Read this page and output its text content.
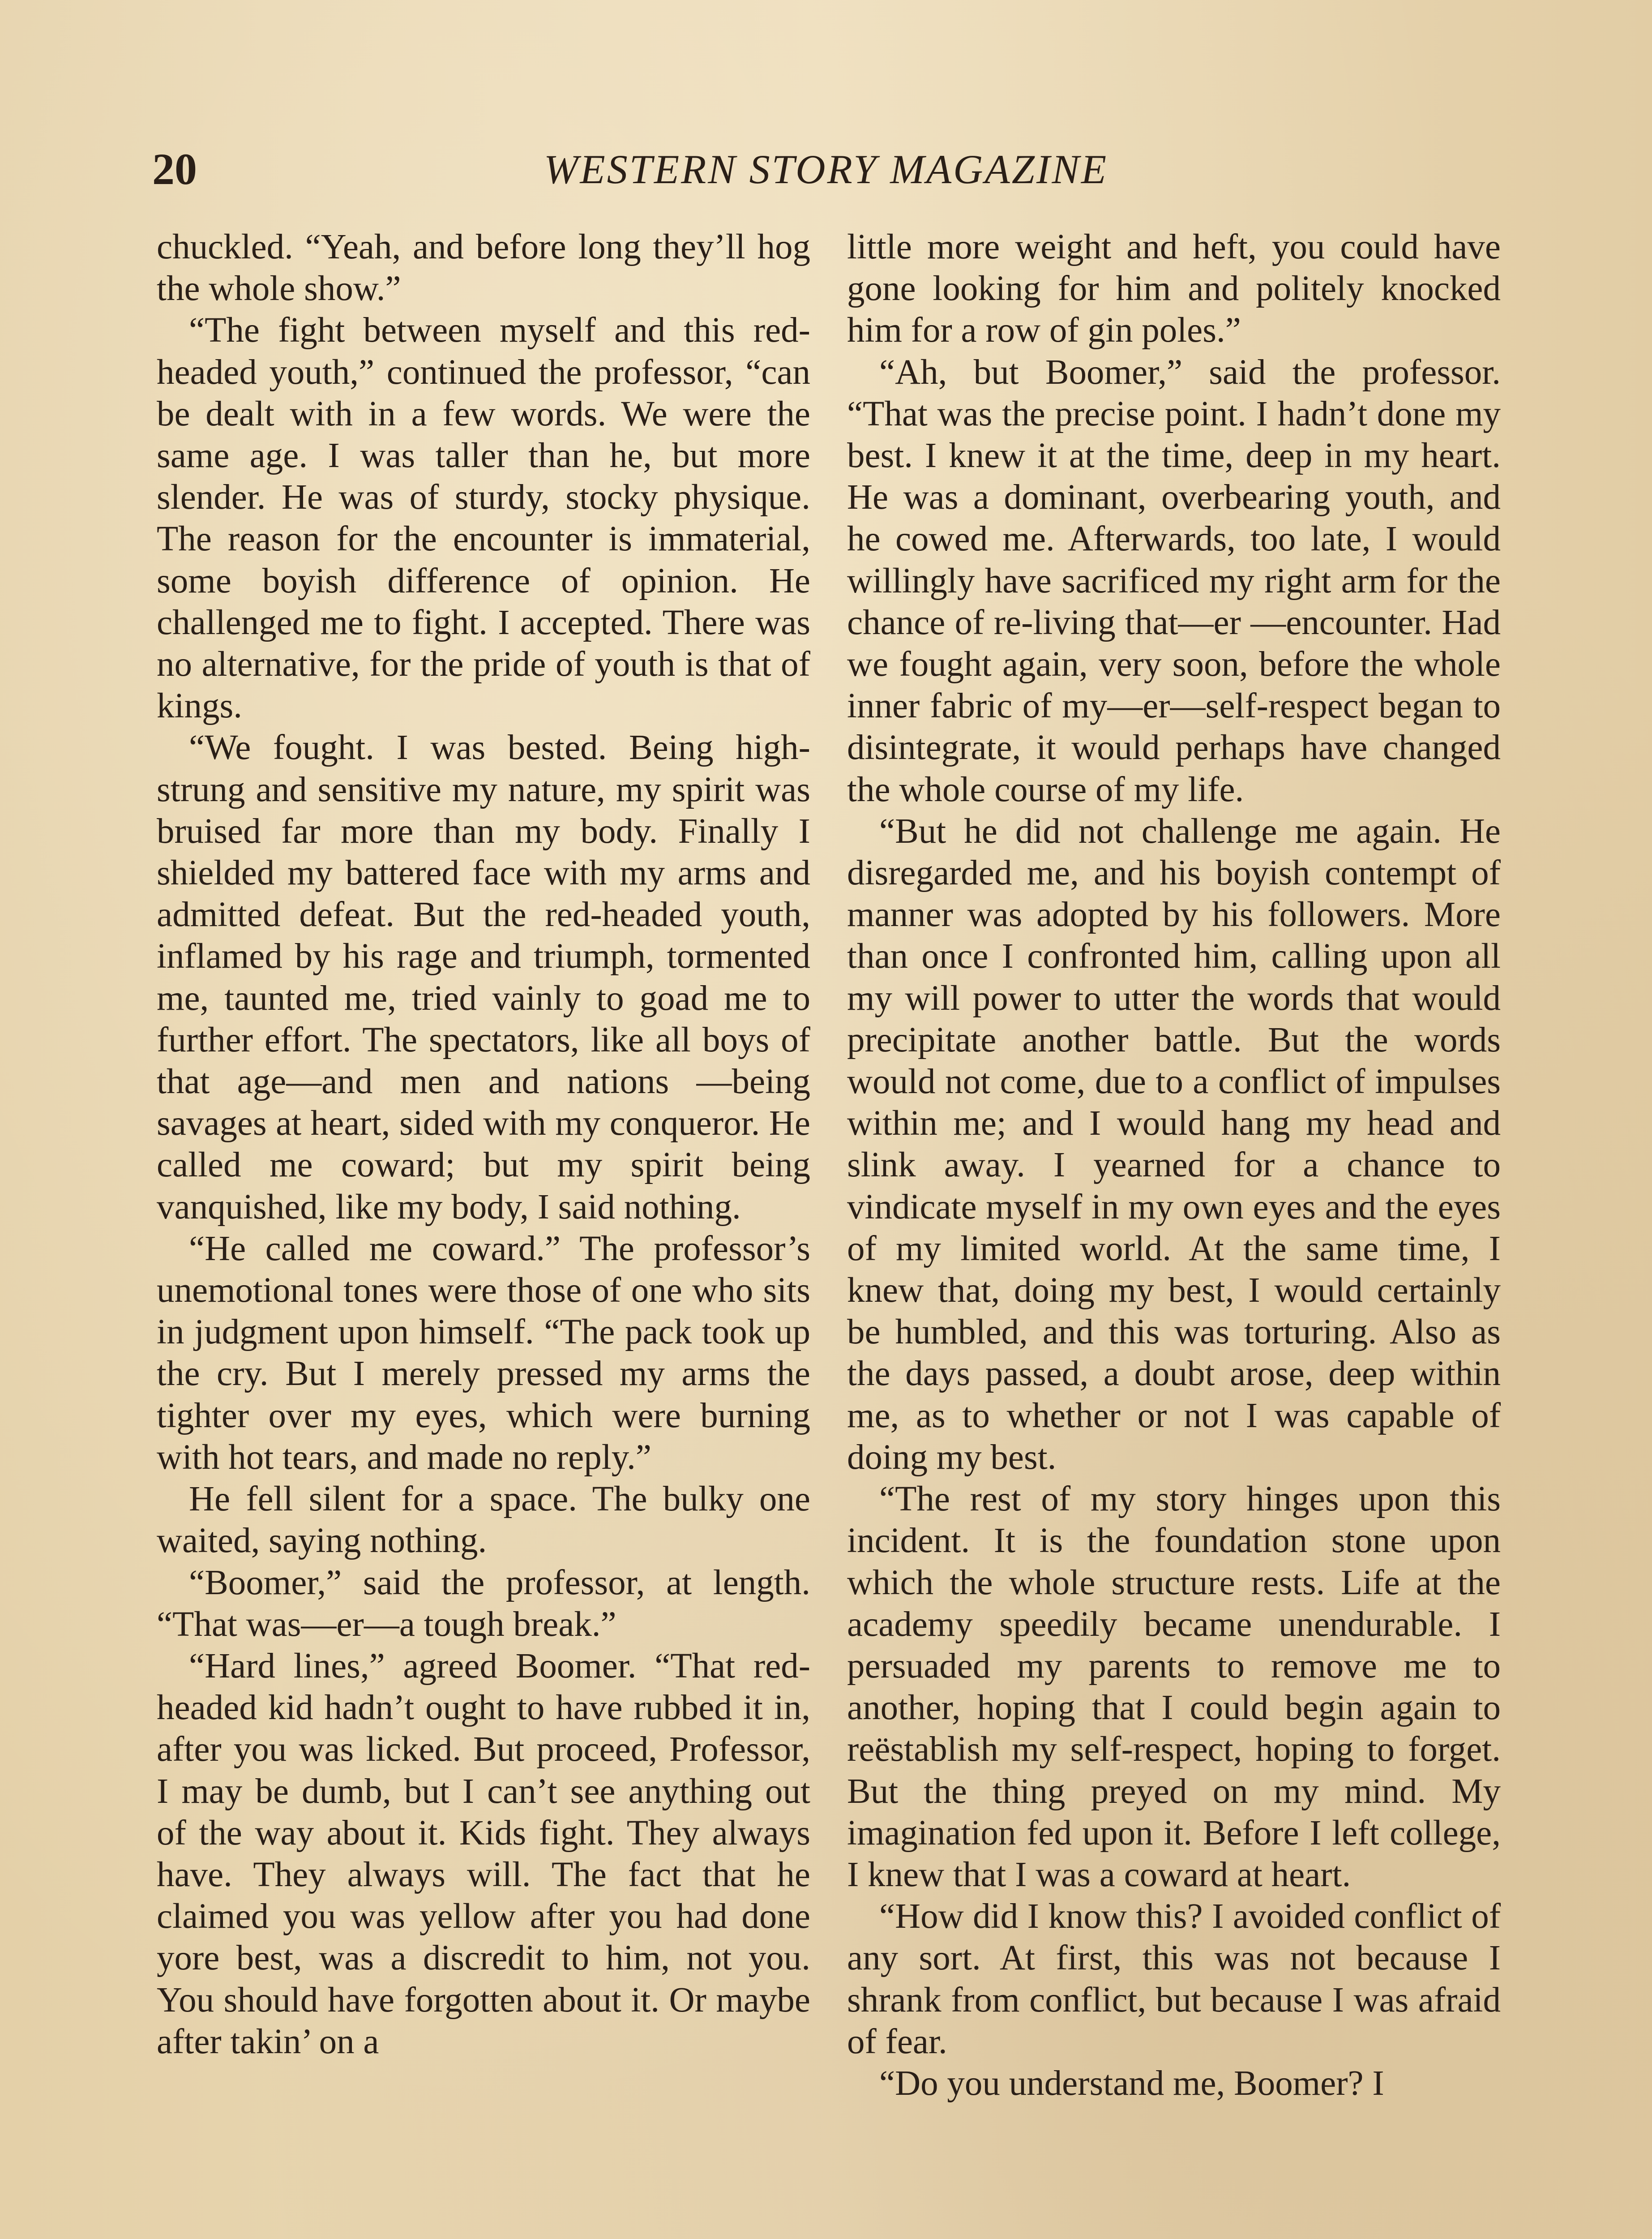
20	WESTERN STORY MAGAZINE

chuckled. “Yeah, and before long they’ll hog the whole show.”

“The fight between myself and this red-headed youth,” continued the professor, “can be dealt with in a few words. We were the same age. I was taller than he, but more slender. He was of sturdy, stocky physique. The reason for the encounter is immaterial, some boyish difference of opinion. He challenged me to fight. I accepted. There was no alternative, for the pride of youth is that of kings.

“We fought. I was bested. Being high-strung and sensitive my nature, my spirit was bruised far more than my body. Finally I shielded my battered face with my arms and admitted defeat. But the red-headed youth, inflamed by his rage and triumph, tormented me, taunted me, tried vainly to goad me to further effort. The spectators, like all boys of that age—and men and nations —being savages at heart, sided with my conqueror. He called me coward; but my spirit being vanquished, like my body, I said nothing.

“He called me coward.” The professor’s unemotional tones were those of one who sits in judgment upon himself. “The pack took up the cry. But I merely pressed my arms the tighter over my eyes, which were burning with hot tears, and made no reply.”

He fell silent for a space. The bulky one waited, saying nothing.

“Boomer,” said the professor, at length. “That was—er—a tough break.”

“Hard lines,” agreed Boomer. “That red-headed kid hadn’t ought to have rubbed it in, after you was licked. But proceed, Professor, I may be dumb, but I can’t see anything out of the way about it. Kids fight. They always have. They always will. The fact that he claimed you was yellow after you had done yore best, was a discredit to him, not you. You should have forgotten about it. Or maybe after takin’ on a

little more weight and heft, you could have gone looking for him and politely knocked him for a row of gin poles.”

“Ah, but Boomer,” said the professor. “That was the precise point. I hadn’t done my best. I knew it at the time, deep in my heart. He was a dominant, overbearing youth, and he cowed me. Afterwards, too late, I would willingly have sacrificed my right arm for the chance of re-living that—er —encounter. Had we fought again, very soon, before the whole inner fabric of my—er—self-respect began to disintegrate, it would perhaps have changed the whole course of my life.

“But he did not challenge me again. He disregarded me, and his boyish contempt of manner was adopted by his followers. More than once I confronted him, calling upon all my will power to utter the words that would precipitate another battle. But the words would not come, due to a conflict of impulses within me; and I would hang my head and slink away. I yearned for a chance to vindicate myself in my own eyes and the eyes of my limited world. At the same time, I knew that, doing my best, I would certainly be humbled, and this was torturing. Also as the days passed, a doubt arose, deep within me, as to whether or not I was capable of doing my best.

“The rest of my story hinges upon this incident. It is the foundation stone upon which the whole structure rests. Life at the academy speedily became unendurable. I persuaded my parents to remove me to another, hoping that I could begin again to reëstablish my self-respect, hoping to forget. But the thing preyed on my mind. My imagination fed upon it. Before I left college, I knew that I was a coward at heart.

“How did I know this? I avoided conflict of any sort. At first, this was not because I shrank from conflict, but because I was afraid of fear.

“Do you understand me, Boomer? I
